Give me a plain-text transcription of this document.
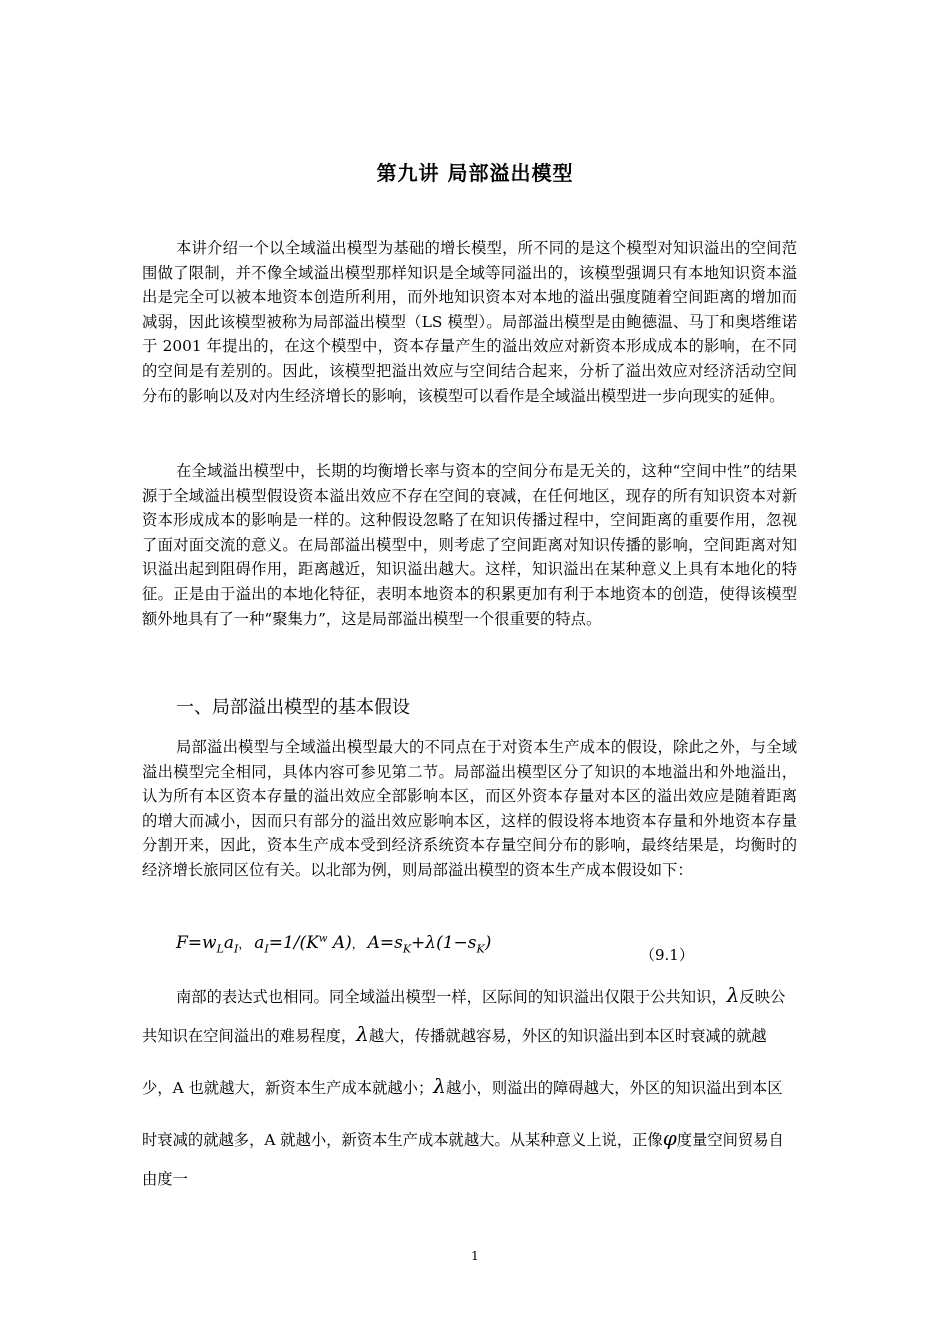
第九讲 局部溢出模型

本讲介绍一个以全域溢出模型为基础的增长模型，所不同的是这个模型对知识溢出的空间范围做了限制，并不像全域溢出模型那样知识是全域等同溢出的，该模型强调只有本地知识资本溢出是完全可以被本地资本创造所利用，而外地知识资本对本地的溢出强度随着空间距离的增加而减弱，因此该模型被称为局部溢出模型（LS 模型）。局部溢出模型是由鲍德温、马丁和奥塔维诺于 2001 年提出的，在这个模型中，资本存量产生的溢出效应对新资本形成成本的影响，在不同的空间是有差别的。因此，该模型把溢出效应与空间结合起来，分析了溢出效应对经济活动空间分布的影响以及对内生经济增长的影响，该模型可以看作是全域溢出模型进一步向现实的延伸。

在全域溢出模型中，长期的均衡增长率与资本的空间分布是无关的，这种“空间中性”的结果源于全域溢出模型假设资本溢出效应不存在空间的衰减，在任何地区，现存的所有知识资本对新资本形成成本的影响是一样的。这种假设忽略了在知识传播过程中，空间距离的重要作用，忽视了面对面交流的意义。在局部溢出模型中，则考虑了空间距离对知识传播的影响，空间距离对知识溢出起到阻碍作用，距离越近，知识溢出越大。这样，知识溢出在某种意义上具有本地化的特征。正是由于溢出的本地化特征，表明本地资本的积累更加有利于本地资本的创造，使得该模型额外地具有了一种“聚集力”，这是局部溢出模型一个很重要的特点。

一、局部溢出模型的基本假设

局部溢出模型与全域溢出模型最大的不同点在于对资本生产成本的假设，除此之外，与全域溢出模型完全相同，具体内容可参见第二节。局部溢出模型区分了知识的本地溢出和外地溢出，认为所有本区资本存量的溢出效应全部影响本区，而区外资本存量对本区的溢出效应是随着距离的增大而减小，因而只有部分的溢出效应影响本区，这样的假设将本地资本存量和外地资本存量分割开来，因此，资本生产成本受到经济系统资本存量空间分布的影响，最终结果是，均衡时的经济增长旅同区位有关。以北部为例，则局部溢出模型的资本生产成本假设如下：

$F=w_La_I$， $a_I=1/(K^w$ A)， $A=s_K+\lambda(1-s_K)$
（9.1）

南部的表达式也相同。同全域溢出模型一样，区际间的知识溢出仅限于公共知识，λ反映公共知识在空间溢出的难易程度，λ越大，传播就越容易，外区的知识溢出到本区时衰减的就越少，A 也就越大，新资本生产成本就越小；λ越小，则溢出的障碍越大，外区的知识溢出到本区时衰减的就越多，A 就越小，新资本生产成本就越大。从某种意义上说，正像φ度量空间贸易自由度一

1
